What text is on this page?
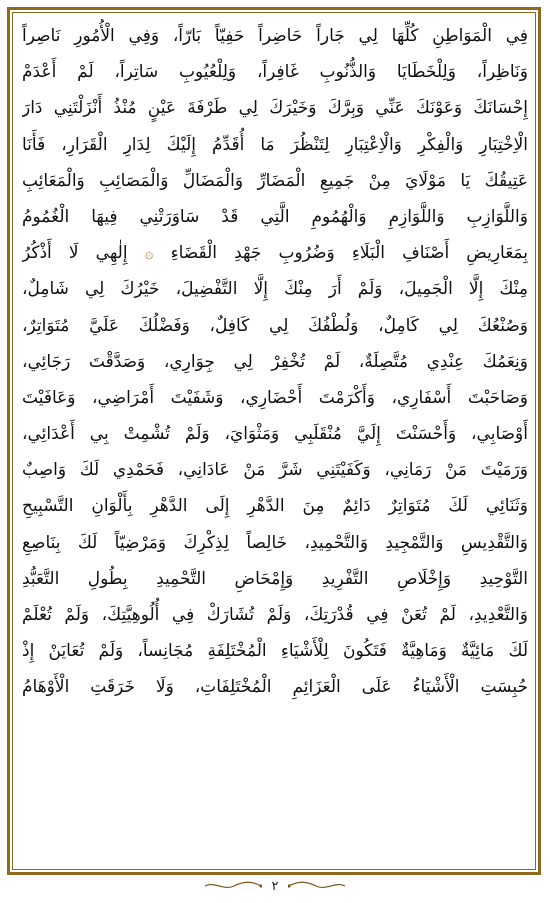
فِي الْمَوَاطِنِ كُلِّهَا لِي جَاراً حَاضِراً حَفِيّاً بَارّاً، وَفِي الْأُمُورِ نَاصِراً
وَنَاظِراً، وَلِلْخَطَايَا وَالذُّنُوبِ غَافِراً، وَلِلْعُيُوبِ سَاتِراً، لَمْ أَعْدَمْ
إِحْسَانَكَ وَعَوْنَكَ عَنِّي وَبِرَّكَ وَخَيْرَكَ لِي طَرْفَةَ عَيْنٍ مُنْذُ أَنْزَلْتَنِي دَارَ
الْاِخْتِبَارِ وَالْفِكْرِ وَالْاِعْتِبَارِ لِتَنْظُرَ مَا أُقَدِّمُ إِلَيْكَ لِدَارِ الْقَرَارِ، فَأَنَا
عَتِيقُكَ يَا مَوْلَايَ مِنْ جَمِيعِ الْمَضَارِّ وَالْمَضَالِّ وَالْمَصَائِبِ وَالْمَعَائِبِ
وَاللَّوَازِبِ وَاللَّوَازِمِ وَالْهُمُومِ الَّتِي قَدْ سَاوَرَتْنِي فِيهَا الْغُمُومُ
بِمَعَارِيضِ أَصْنَافِ الْبَلَاءِ وَضُرُوبِ جَهْدِ الْقَضَاءِ ۞ إِلٰهِي لَا أَذْكُرُ
مِنْكَ إِلَّا الْجَمِيلَ، وَلَمْ أَرَ مِنْكَ إِلَّا التَّفْضِيلَ، خَيْرُكَ لِي شَامِلٌ،
وَصُنْعُكَ لِي كَامِلٌ، وَلُطْفُكَ لِي كَافِلٌ، وَفَضْلُكَ عَلَيَّ مُتَوَاتِرٌ،
وَنِعَمُكَ عِنْدِي مُتَّصِلَةٌ، لَمْ تُخْفِرْ لِي جِوَارِي، وَصَدَّقْتَ رَجَائِي،
وَصَاحَبْتَ أَسْفَارِي، وَأَكْرَمْتَ أَحْضَارِي، وَشَفَيْتَ أَمْرَاضِي، وَعَافَيْتَ
أَوْصَابِي، وَأَحْسَنْتَ إِلَيَّ مُنْقَلَبِي وَمَثْوَايَ، وَلَمْ تُشْمِتْ بِي أَعْدَائِي،
وَرَمَيْتَ مَنْ رَمَانِي، وَكَفَيْتَنِي شَرَّ مَنْ عَادَانِي، فَحَمْدِي لَكَ وَاصِبٌ
وَثَنَائِي لَكَ مُتَوَاتِرٌ دَائِمٌ مِنَ الدَّهْرِ إِلَى الدَّهْرِ بِأَلْوَانِ التَّسْبِيحِ
وَالتَّقْدِيسِ وَالتَّمْجِيدِ وَالتَّحْمِيدِ، خَالِصاً لِذِكْرِكَ وَمَرْضِيّاً لَكَ بِنَاصِعِ
التَّوْحِيدِ وَإِخْلَاصِ التَّفْرِيدِ وَإِمْحَاضِ التَّحْمِيدِ بِطُولِ التَّعَبُّدِ
وَالتَّعْدِيدِ، لَمْ تُعَنْ فِي قُدْرَتِكَ، وَلَمْ تُشَارَكْ فِي أُلُوهِيَّتِكَ، وَلَمْ تُعْلَمْ
لَكَ مَائِيَّةٌ وَمَاهِيَّةٌ فَتَكُونَ لِلْأَشْيَاءِ الْمُخْتَلِفَةِ مُجَانِساً، وَلَمْ تُعَايَنْ إِذْ
حُبِسَتِ الْأَشْيَاءُ عَلَى الْعَزَائِمِ الْمُخْتَلِفَاتِ، وَلَا خَرَقَتِ الْأَوْهَامُ
٢
